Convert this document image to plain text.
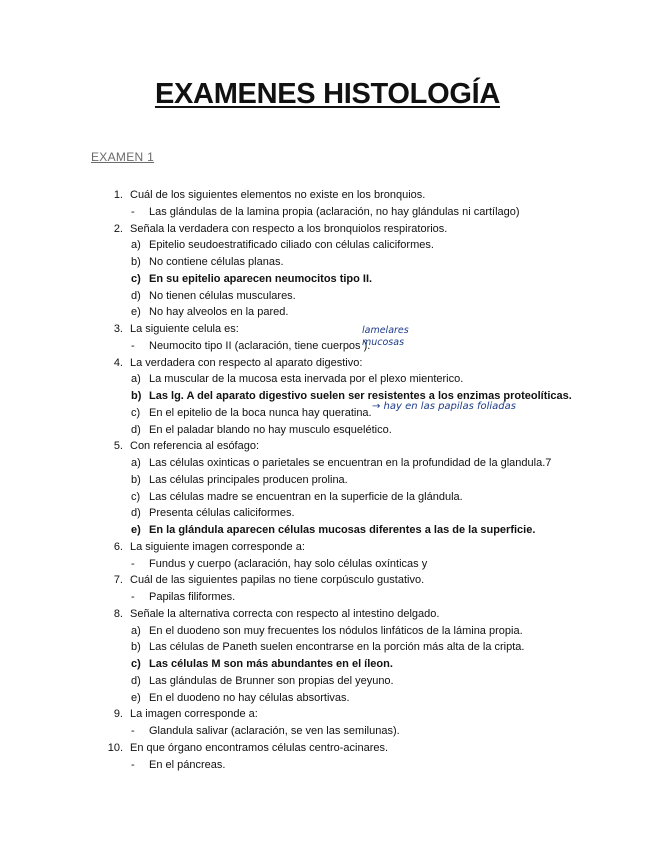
EXAMENES HISTOLOGÍA
EXAMEN 1
1. Cuál de los siguientes elementos no existe en los bronquios.
- Las glándulas de la lamina propia (aclaración, no hay glándulas ni cartílago)
2. Señala la verdadera con respecto a los bronquiolos respiratorios.
a) Epitelio seudoestratificado ciliado con células caliciformes.
b) No contiene células planas.
c) En su epitelio aparecen neumocitos tipo II.
d) No tienen células musculares.
e) No hay alveolos en la pared.
3. La siguiente celula es:
- Neumocito tipo II (aclaración, tiene cuerpos ).
4. La verdadera con respecto al aparato digestivo:
a) La muscular de la mucosa esta inervada por el plexo mienterico.
b) Las lg. A del aparato digestivo suelen ser resistentes a los enzimas proteolíticas.
c) En el epitelio de la boca nunca hay queratina.
d) En el paladar blando no hay musculo esquelético.
5. Con referencia al esófago:
a) Las células oxinticas o parietales se encuentran en la profundidad de la glandula.7
b) Las células principales producen prolina.
c) Las células madre se encuentran en la superficie de la glándula.
d) Presenta células caliciformes.
e) En la glándula aparecen células mucosas diferentes a las de la superficie.
6. La siguiente imagen corresponde a:
- Fundus y cuerpo (aclaración, hay solo células oxínticas y
7. Cuál de las siguientes papilas no tiene corpúsculo gustativo.
- Papilas filiformes.
8. Señale la alternativa correcta con respecto al intestino delgado.
a) En el duodeno son muy frecuentes los nódulos linfáticos de la lámina propia.
b) Las células de Paneth suelen encontrarse en la porción más alta de la cripta.
c) Las células M son más abundantes en el íleon.
d) Las glándulas de Brunner son propias del yeyuno.
e) En el duodeno no hay células absortivas.
9. La imagen corresponde a:
- Glandula salivar (aclaración, se ven las semilunas).
10. En que órgano encontramos células centro-acinares.
- En el páncreas.
lamelares
mucosas
→ hay en las papilas foliadas
